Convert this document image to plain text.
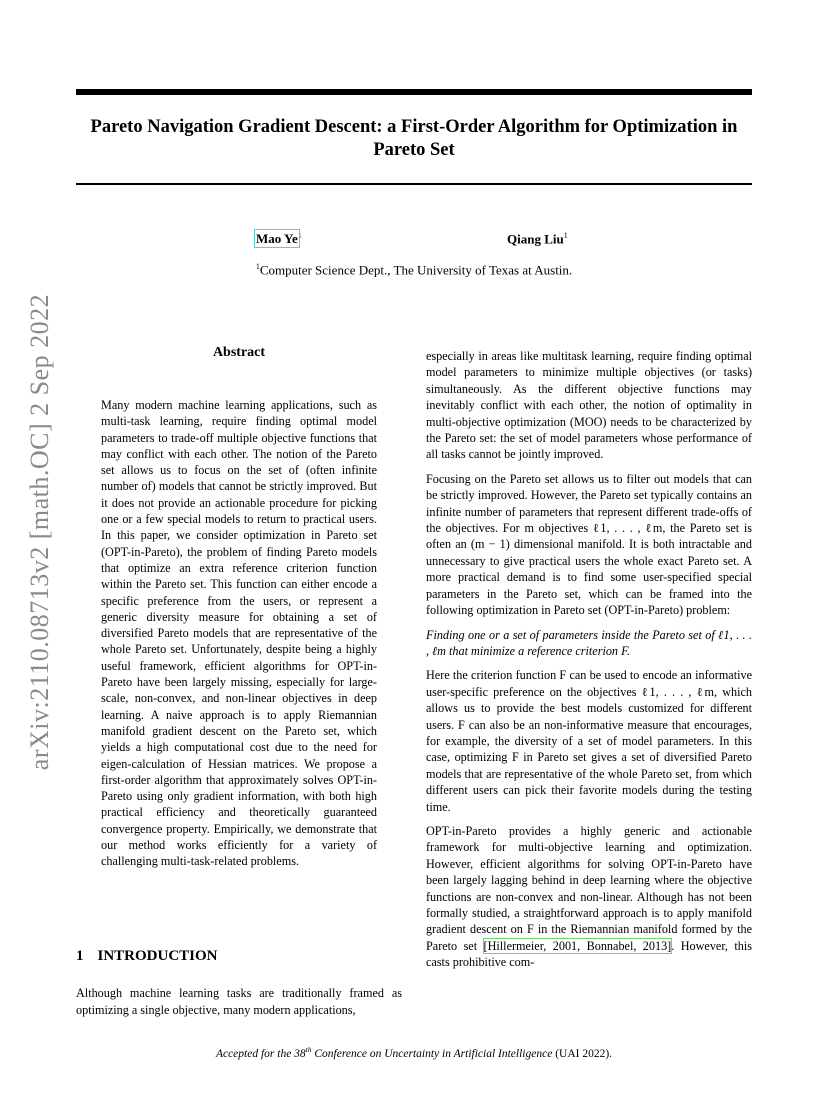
Pareto Navigation Gradient Descent: a First-Order Algorithm for Optimization in Pareto Set
Mao Ye$^1$	Qiang Liu$^1$
$^1$Computer Science Dept., The University of Texas at Austin.
arXiv:2110.08713v2 [math.OC] 2 Sep 2022	Abstract
Many modern machine learning applications, such as multi-task learning, require finding optimal model parameters to trade-off multiple objective functions that may conflict with each other. The notion of the Pareto set allows us to focus on the set of (often infinite number of) models that cannot be strictly improved. But it does not provide an actionable procedure for picking one or a few special models to return to practical users. In this paper, we consider optimization in Pareto set (OPT-in-Pareto), the problem of finding Pareto models that optimize an extra reference criterion function within the Pareto set. This function can either encode a specific preference from the users, or represent a generic diversity measure for obtaining a set of diversified Pareto models that are representative of the whole Pareto set. Unfortunately, despite being a highly useful framework, efficient algorithms for OPT-in-Pareto have been largely missing, especially for large-scale, non-convex, and non-linear objectives in deep learning. A naive approach is to apply Riemannian manifold gradient descent on the Pareto set, which yields a high computational cost due to the need for eigen-calculation of Hessian matrices. We propose a first-order algorithm that approximately solves OPT-in-Pareto using only gradient information, with both high practical efficiency and theoretically guaranteed convergence property. Empirically, we demonstrate that our method works efficiently for a variety of challenging multi-task-related problems.
1 INTRODUCTION
Although machine learning tasks are traditionally framed as optimizing a single objective, many modern applications,

especially in areas like multitask learning, require finding optimal model parameters to minimize multiple objectives (or tasks) simultaneously. As the different objective functions may inevitably conflict with each other, the notion of optimality in multi-objective optimization (MOO) needs to be characterized by the Pareto set: the set of model parameters whose performance of all tasks cannot be jointly improved.

Focusing on the Pareto set allows us to filter out models that can be strictly improved. However, the Pareto set typically contains an infinite number of parameters that represent different trade-offs of the objectives. For m objectives ℓ1, . . . , ℓm, the Pareto set is often an (m − 1) dimensional manifold. It is both intractable and unnecessary to give practical users the whole exact Pareto set. A more practical demand is to find some user-specified special parameters in the Pareto set, which can be framed into the following optimization in Pareto set (OPT-in-Pareto) problem:

Finding one or a set of parameters inside the Pareto set of ℓ1, . . . , ℓm that minimize a reference criterion F.

Here the criterion function F can be used to encode an informative user-specific preference on the objectives ℓ1, . . . , ℓm, which allows us to provide the best models customized for different users. F can also be an non-informative measure that encourages, for example, the diversity of a set of model parameters. In this case, optimizing F in Pareto set gives a set of diversified Pareto models that are representative of the whole Pareto set, from which different users can pick their favorite models during the testing time.

OPT-in-Pareto provides a highly generic and actionable framework for multi-objective learning and optimization. However, efficient algorithms for solving OPT-in-Pareto have been largely lagging behind in deep learning where the objective functions are non-convex and non-linear. Although has not been formally studied, a straightforward approach is to apply manifold gradient descent on F in the Riemannian manifold formed by the Pareto set [Hillermeier, 2001, Bonnabel, 2013]. However, this casts prohibitive com-

Accepted for the 38th Conference on Uncertainty in Artificial Intelligence (UAI 2022).
